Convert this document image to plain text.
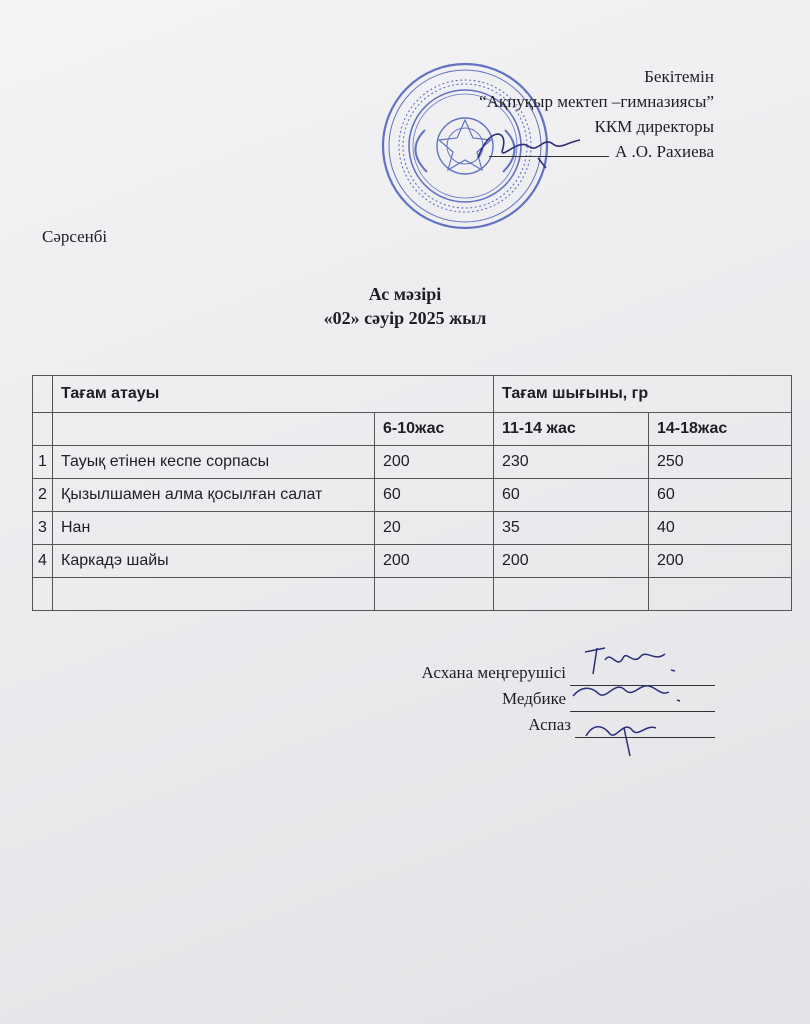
Бекітемін
“Ақпуқыр мектеп –гимназиясы”
ККМ директоры
А .О. Рахиева
Сәрсенбі
Ас мәзірі
«02» сәуір 2025 жыл
	Тағам атауы		Тағам шығыны, гр	
		6-10жас	11-14 жас	14-18жас
1	Тауық етінен кеспе сорпасы	200	230	250
2	Қызылшамен алма қосылған салат	60	60	60
3	Нан	20	35	40
4	Каркадэ шайы	200	200	200

Асхана меңгерушісі
Медбике
Аспаз
